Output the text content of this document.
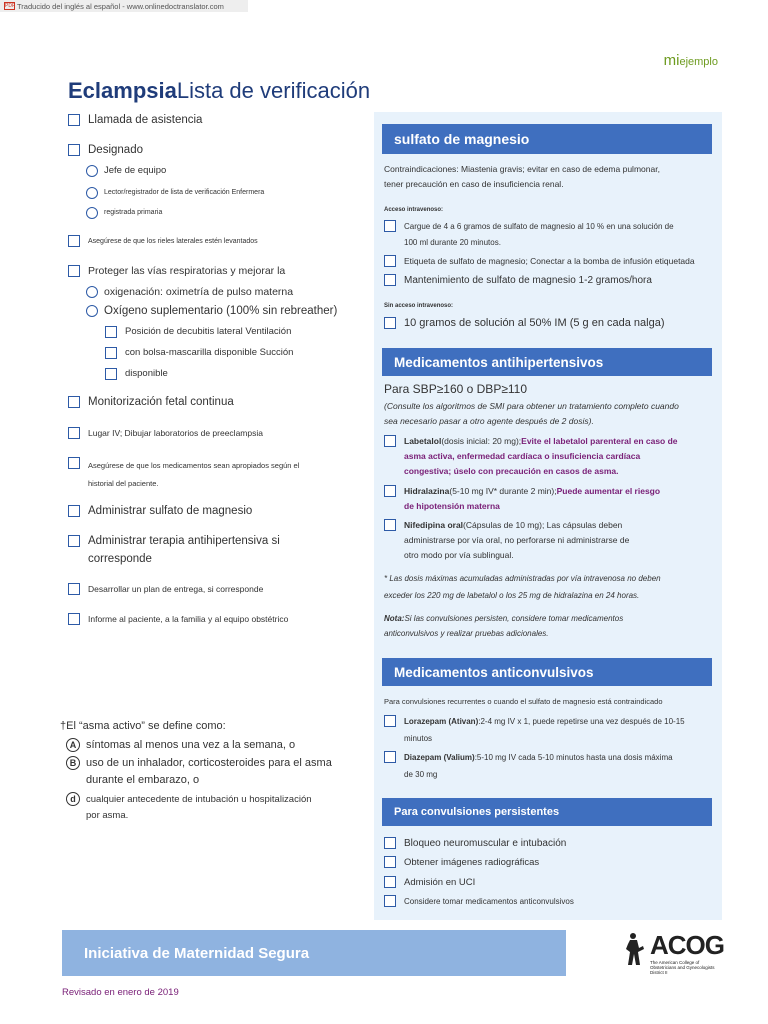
PDF Traducido del inglés al español - www.onlinedoctranslator.com
miejemplo
EclampsiaLista de verificación
Llamada de asistencia
Designado
Jefe de equipo
Lector/registrador de lista de verificación Enfermera
registrada primaria
Asegúrese de que los rieles laterales estén levantados
Proteger las vías respiratorias y mejorar la
oxigenación: oximetría de pulso materna
Oxígeno suplementario (100% sin rebreather)
Posición de decubitis lateral Ventilación
con bolsa-mascarilla disponible Succión
disponible
Monitorización fetal continua
Lugar IV; Dibujar laboratorios de preeclampsia
Asegúrese de que los medicamentos sean apropiados según el
historial del paciente.
Administrar sulfato de magnesio
Administrar terapia antihipertensiva si
corresponde
Desarrollar un plan de entrega, si corresponde
Informe al paciente, a la familia y al equipo obstétrico
†El “asma activo” se define como:
A síntomas al menos una vez a la semana, o
B uso de un inhalador, corticosteroides para el asma
durante el embarazo, o
d	cualquier antecedente de intubación u hospitalización
por asma.
sulfato de magnesio
Contraindicaciones: Miastenia gravis; evitar en caso de edema pulmonar,
tener precaución en caso de insuficiencia renal.
Acceso intravenoso:
Cargue de 4 a 6 gramos de sulfato de magnesio al 10 % en una solución de
100 ml durante 20 minutos.
Etiqueta de sulfato de magnesio; Conectar a la bomba de infusión etiquetada
Mantenimiento de sulfato de magnesio 1-2 gramos/hora
Sin acceso intravenoso:
10 gramos de solución al 50% IM (5 g en cada nalga)
Medicamentos antihipertensivos
Para SBP≥160 o DBP≥110
(Consulte los algoritmos de SMI para obtener un tratamiento completo cuando
sea necesario pasar a otro agente después de 2 dosis).
Labetalol(dosis inicial: 20 mg);Evite el labetalol parenteral en caso de
asma activa, enfermedad cardíaca o insuficiencia cardíaca
congestiva; úselo con precaución en casos de asma.
Hidralazina(5-10 mg IV* durante 2 min);Puede aumentar el riesgo
de hipotensión materna
Nifedipina oral(Cápsulas de 10 mg); Las cápsulas deben
administrarse por vía oral, no perforarse ni administrarse de
otro modo por vía sublingual.
* Las dosis máximas acumuladas administradas por vía intravenosa no deben
exceder los 220 mg de labetalol o los 25 mg de hidralazina en 24 horas.
Nota:Si las convulsiones persisten, considere tomar medicamentos
anticonvulsivos y realizar pruebas adicionales.
Medicamentos anticonvulsivos
Para convulsiones recurrentes o cuando el sulfato de magnesio está contraindicado
Lorazepam (Ativan):2-4 mg IV x 1, puede repetirse una vez después de 10-15
minutos
Diazepam (Valium):5-10 mg IV cada 5-10 minutos hasta una dosis máxima
de 30 mg
Para convulsiones persistentes
Bloqueo neuromuscular e intubación
Obtener imágenes radiográficas
Admisión en UCI
Considere tomar medicamentos anticonvulsivos
Iniciativa de Maternidad Segura
Revisado en enero de 2019
ACOG
The American College of
Obstetricians and Gynecologists
District II
